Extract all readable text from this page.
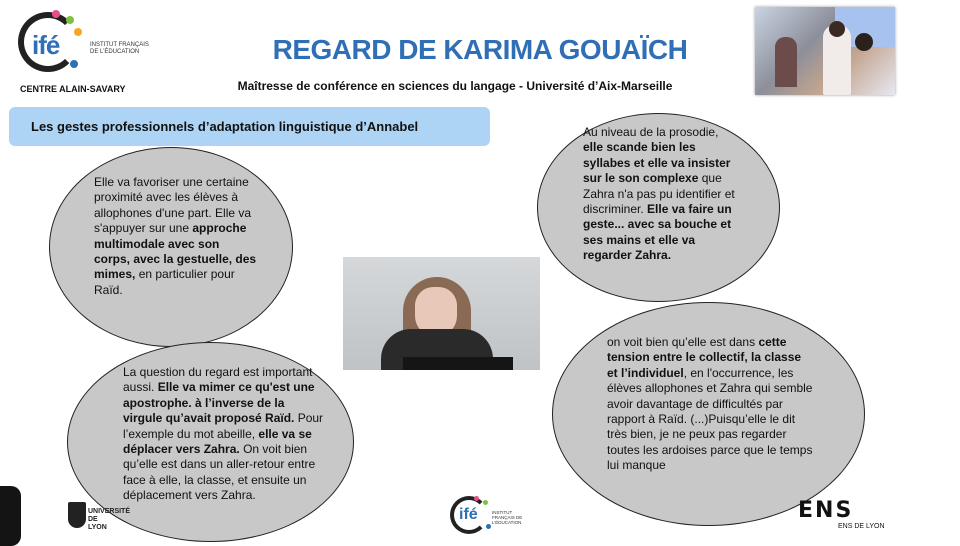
ifé	INSTITUT FRANÇAIS DE L’ÉDUCATION
CENTRE ALAIN-SAVARY
REGARD DE KARIMA GOUAÏCH
Maîtresse de conférence en sciences du langage - Université d’Aix-Marseille
Les gestes professionnels d’adaptation linguistique d’Annabel
Elle va favoriser une certaine proximité avec les élèves à allophones d'une part. Elle va s'appuyer sur une approche multimodale avec son corps, avec la gestuelle, des mimes, en particulier pour Raïd.
La question du regard est important aussi. Elle va mimer ce qu'est une apostrophe. à l’inverse de la virgule qu’avait proposé Raïd. Pour l’exemple du mot abeille, elle va se déplacer vers Zahra. On voit bien qu’elle est dans un aller-retour entre face à elle, la classe, et ensuite un déplacement vers Zahra.
Au niveau de la prosodie, elle scande bien les syllabes et elle va insister sur le son complexe que Zahra n'a pas pu identifier et discriminer. Elle va faire un geste... avec sa bouche et ses mains et elle va regarder Zahra.
on voit bien qu’elle est dans cette tension entre le collectif, la classe et l’individuel, en l'occurrence, les élèves allophones et Zahra qui semble avoir davantage de difficultés par rapport à Raïd. (...)Puisqu’elle le dit très bien, je ne peux pas regarder toutes les ardoises parce que le temps lui manque
UNIVERSITÉ DE LYON
ifé	INSTITUT FRANÇAIS DE L’ÉDUCATION	ENS
ENS DE LYON
